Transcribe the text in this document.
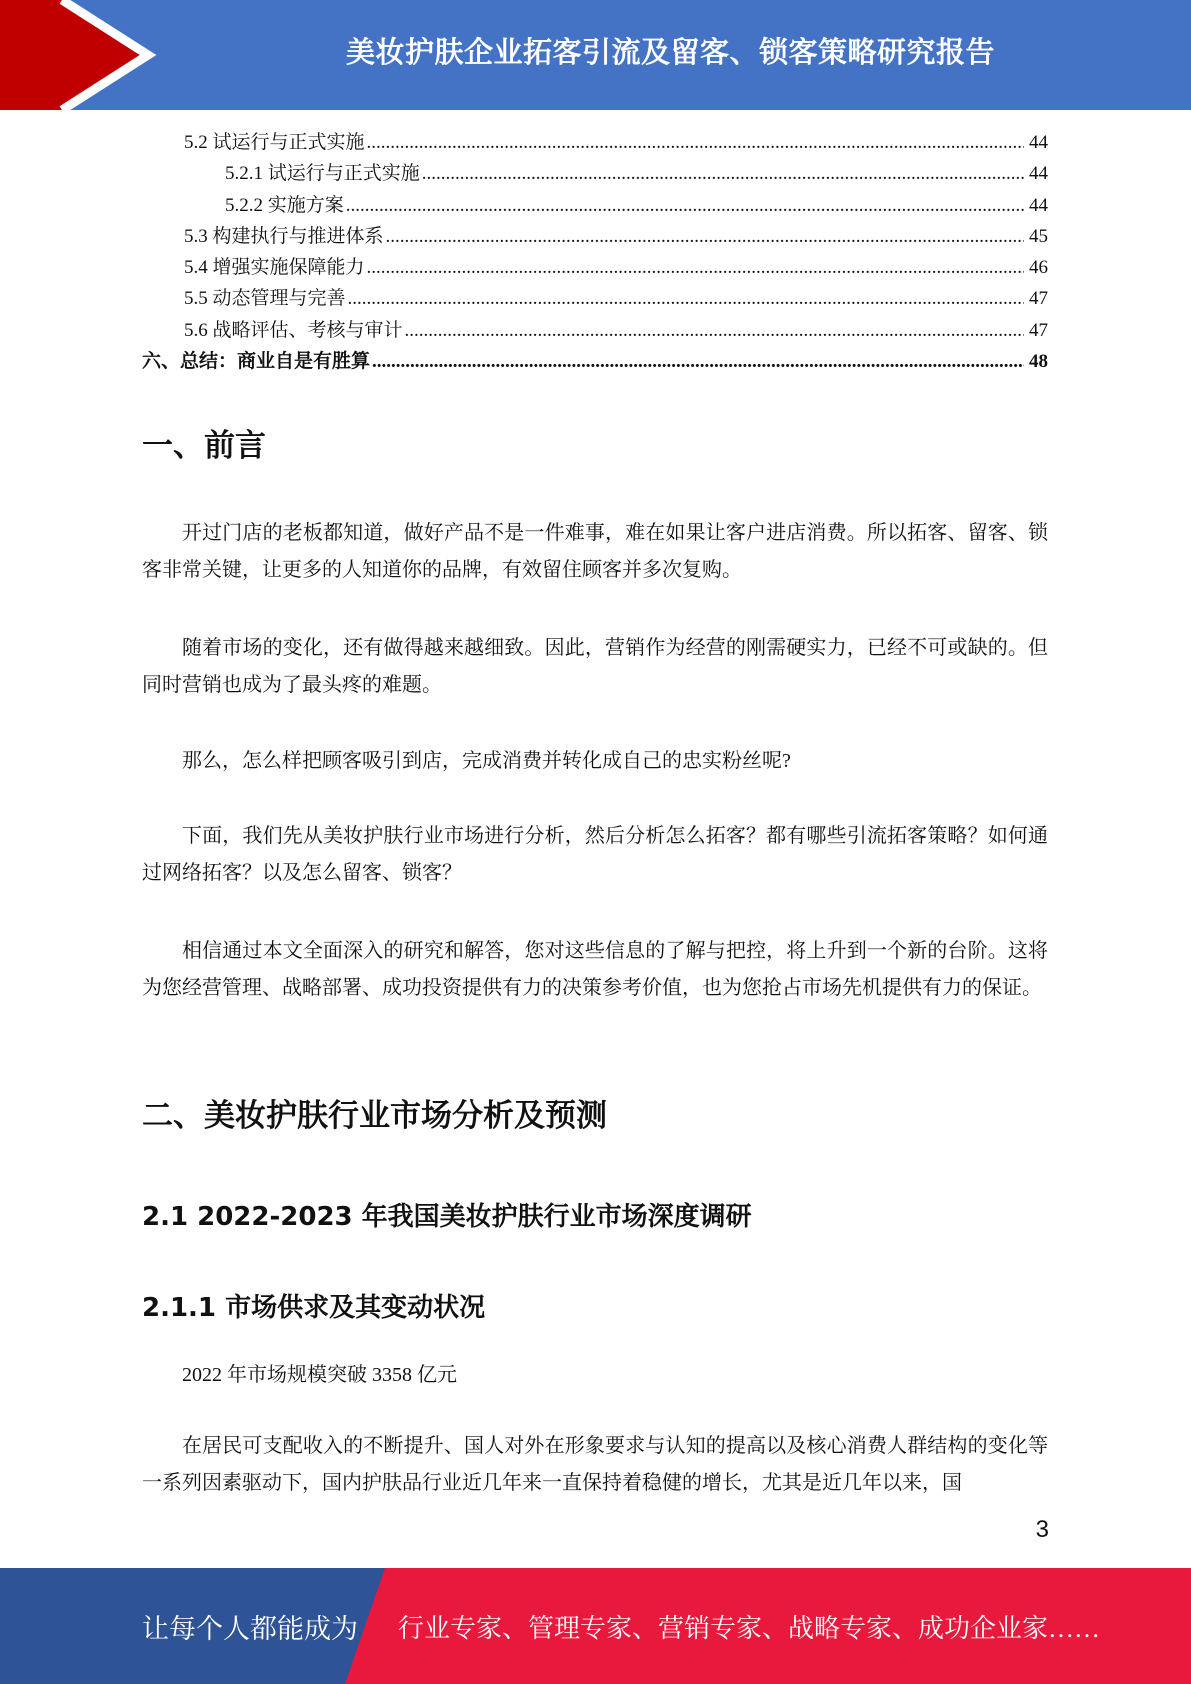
美妆护肤企业拓客引流及留客、锁客策略研究报告
5.2 试运行与正式实施 .....	44
5.2.1 试运行与正式实施 .....	44
5.2.2 实施方案 .....	44
5.3 构建执行与推进体系 .....	45
5.4 增强实施保障能力 .....	46
5.5 动态管理与完善 .....	47
5.6 战略评估、考核与审计 .....	47
六、总结：商业自是有胜算 .....	48
一、前言

开过门店的老板都知道，做好产品不是一件难事，难在如果让客户进店消费。所以拓客、留客、锁客非常关键，让更多的人知道你的品牌，有效留住顾客并多次复购。

随着市场的变化，还有做得越来越细致。因此，营销作为经营的刚需硬实力，已经不可或缺的。但同时营销也成为了最头疼的难题。

那么，怎么样把顾客吸引到店，完成消费并转化成自己的忠实粉丝呢?

下面，我们先从美妆护肤行业市场进行分析，然后分析怎么拓客？都有哪些引流拓客策略？如何通过网络拓客？以及怎么留客、锁客？

相信通过本文全面深入的研究和解答，您对这些信息的了解与把控，将上升到一个新的台阶。这将为您经营管理、战略部署、成功投资提供有力的决策参考价值，也为您抢占市场先机提供有力的保证。

二、美妆护肤行业市场分析及预测
2.1 2022-2023 年我国美妆护肤行业市场深度调研
2.1.1 市场供求及其变动状况

2022 年市场规模突破 3358 亿元

在居民可支配收入的不断提升、国人对外在形象要求与认知的提高以及核心消费人群结构的变化等一系列因素驱动下，国内护肤品行业近几年来一直保持着稳健的增长，尤其是近几年以来，国

3
让每个人都能成为 行业专家、管理专家、营销专家、战略专家、成功企业家……
